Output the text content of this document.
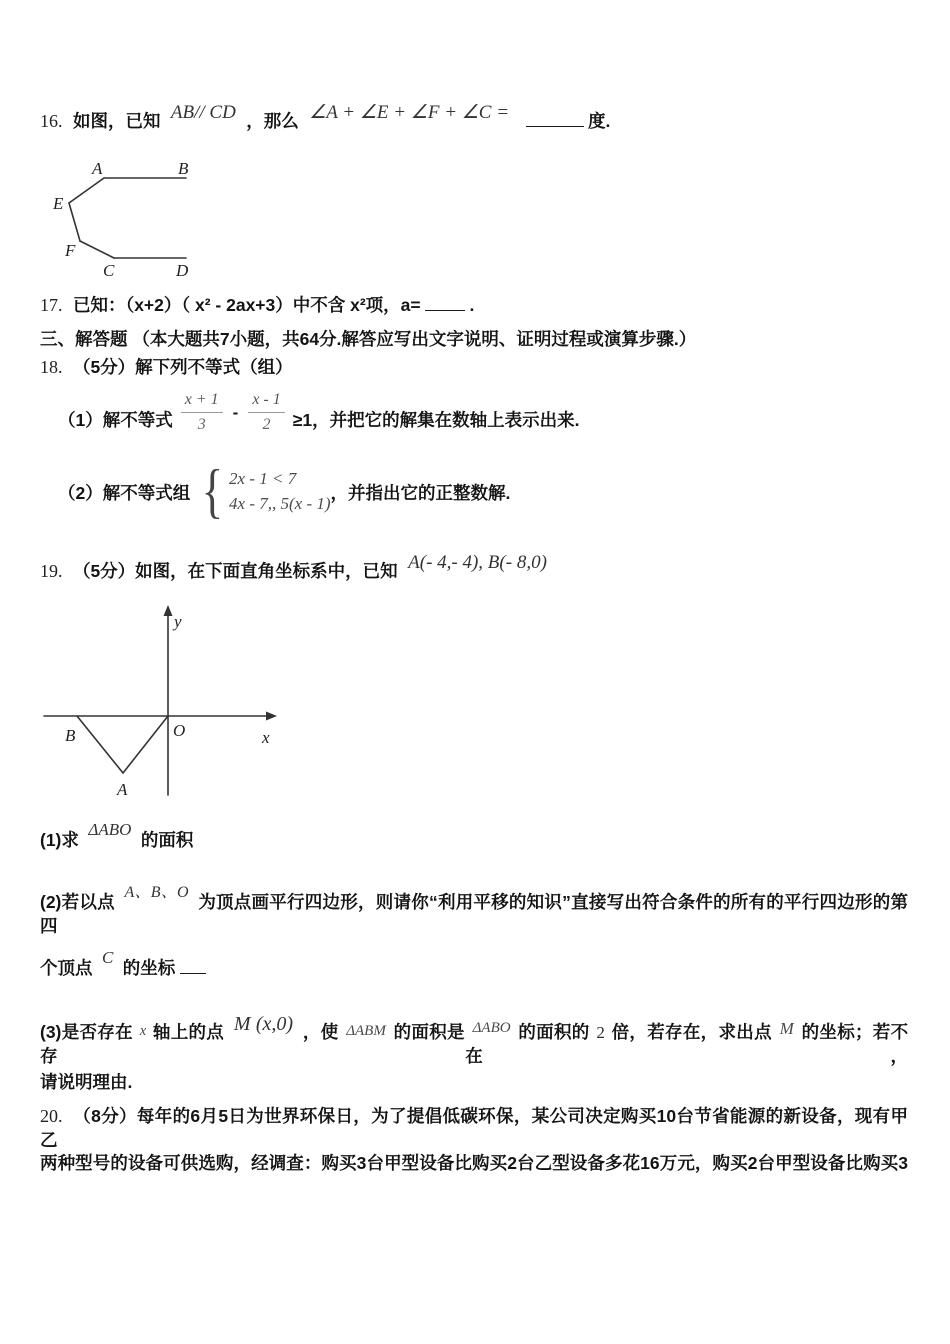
16. 如图，已知 AB// CD ，那么 ∠A + ∠E + ∠F + ∠C =	度.
A	B
E
F
C	D
17. 已知：（x+2）（ x² - 2ax+3）中不含 x²项，a=	.
三、解答题 （本大题共7小题，共64分.解答应写出文字说明、证明过程或演算步骤.）
18. （5分）解下列不等式（组）
（1）解不等式 $\frac{x + 1}{3} - \frac{x - 1}{2} \ge 1$，并把它的解集在数轴上表示出来.
（2）解不等式组 { 2x - 1 < 7
4x - 7,, 5(x - 1)
，并指出它的正整数解.
19. （5分）如图，在下面直角坐标系中，已知 A(- 4,- 4), B(- 8,0)
y
x
O
B
A
(1)求 ΔABO 的面积
(2)若以点 A、B、O 为顶点画平行四边形，则请你“利用平移的知识”直接写出符合条件的所有的平行四边形的第四
个顶点 C 的坐标
(3)是否存在 x 轴上的点 M (x,0) ，使 ΔABM 的面积是 ΔABO 的面积的 2 倍，若存在，求出点 M 的坐标；若不存在，
请说明理由.
20. （8分）每年的6月5日为世界环保日，为了提倡低碳环保，某公司决定购买10台节省能源的新设备，现有甲乙
两种型号的设备可供选购，经调查：购买3台甲型设备比购买2台乙型设备多花16万元，购买2台甲型设备比购买3
